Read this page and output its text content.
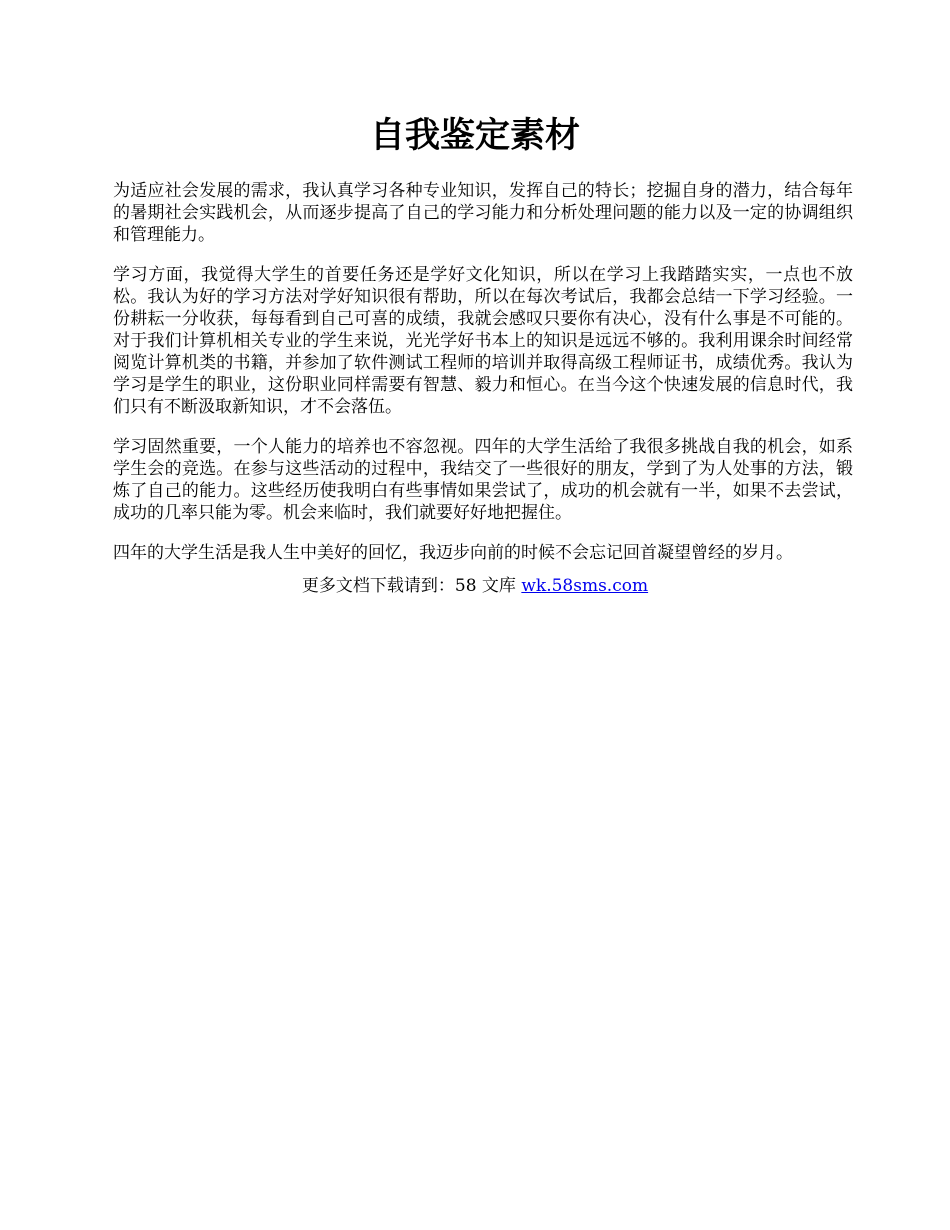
自我鉴定素材

为适应社会发展的需求，我认真学习各种专业知识，发挥自己的特长；挖掘自身的潜力，结合每年的暑期社会实践机会，从而逐步提高了自己的学习能力和分析处理问题的能力以及一定的协调组织和管理能力。

学习方面，我觉得大学生的首要任务还是学好文化知识，所以在学习上我踏踏实实，一点也不放松。我认为好的学习方法对学好知识很有帮助，所以在每次考试后，我都会总结一下学习经验。一份耕耘一分收获，每每看到自己可喜的成绩，我就会感叹只要你有决心，没有什么事是不可能的。对于我们计算机相关专业的学生来说，光光学好书本上的知识是远远不够的。我利用课余时间经常阅览计算机类的书籍，并参加了软件测试工程师的培训并取得高级工程师证书，成绩优秀。我认为学习是学生的职业，这份职业同样需要有智慧、毅力和恒心。在当今这个快速发展的信息时代，我们只有不断汲取新知识，才不会落伍。

学习固然重要，一个人能力的培养也不容忽视。四年的大学生活给了我很多挑战自我的机会，如系学生会的竞选。在参与这些活动的过程中，我结交了一些很好的朋友，学到了为人处事的方法，锻炼了自己的能力。这些经历使我明白有些事情如果尝试了，成功的机会就有一半，如果不去尝试，成功的几率只能为零。机会来临时，我们就要好好地把握住。

四年的大学生活是我人生中美好的回忆，我迈步向前的时候不会忘记回首凝望曾经的岁月。

更多文档下载请到：58 文库 wk.58sms.com
